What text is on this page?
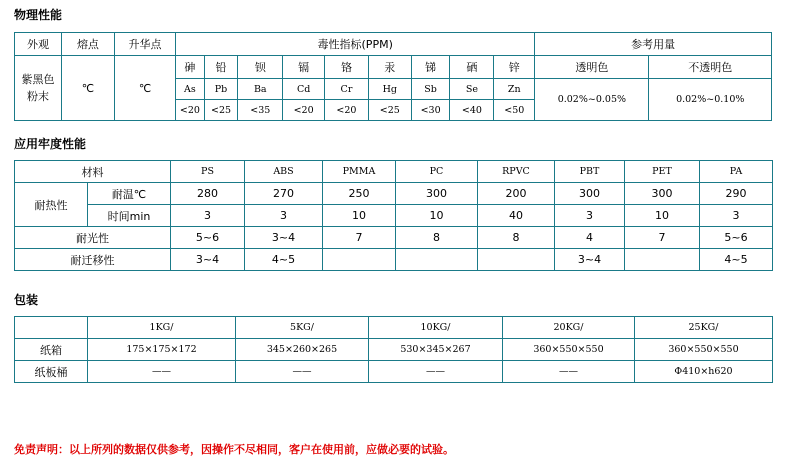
物理性能
外观	熔点	升华点	毒性指标(PPM)									参考用量	
紫黑色
粉末	℃	℃	砷	铅	钡	镉	铬	汞	锑	硒	锌	透明色	不透明色
			As	Pb	Ba	Cd	Cr	Hg	Sb	Se	Zn	0.02%~0.05%	0.02%~0.10%
			<20	<25	<35	<20	<20	<25	<30	<40	<50		
应用牢度性能
材料		PS	ABS	PMMA	PC	RPVC	PBT	PET	PA
耐热性	耐温℃	280	270	250	300	200	300	300	290
	时间min	3	3	10	10	40	3	10	3
耐光性		5~6	3~4	7	8	8	4	7	5~6
耐迁移性		3~4	4~5				3~4		4~5
包装
	1KG/	5KG/	10KG/	20KG/	25KG/
纸箱	175×175×172	345×260×265	530×345×267	360×550×550	360×550×550
纸板桶	——	——	——	——	Φ410×h620

免责声明：以上所列的数据仅供参考，因操作不尽相同，客户在使用前，应做必要的试验。
